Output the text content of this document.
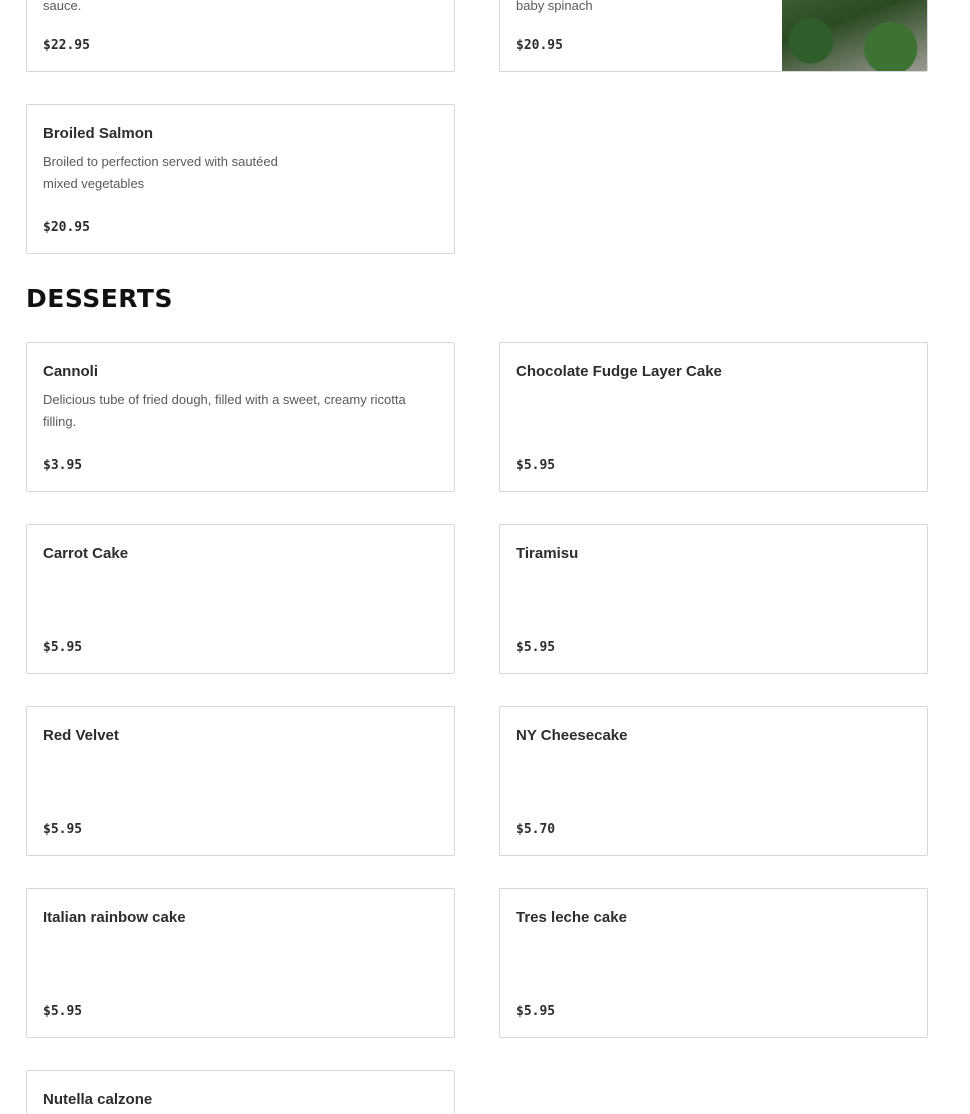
sauce.
$22.95
baby spinach
$20.95
Broiled Salmon
Broiled to perfection served with sautéed mixed vegetables
$20.95
DESSERTS
Cannoli
Delicious tube of fried dough, filled with a sweet, creamy ricotta filling.
$3.95
Chocolate Fudge Layer Cake
$5.95
Carrot Cake
$5.95
Tiramisu
$5.95
Red Velvet
$5.95
NY Cheesecake
$5.70
Italian rainbow cake
$5.95
Tres leche cake
$5.95
Nutella calzone
